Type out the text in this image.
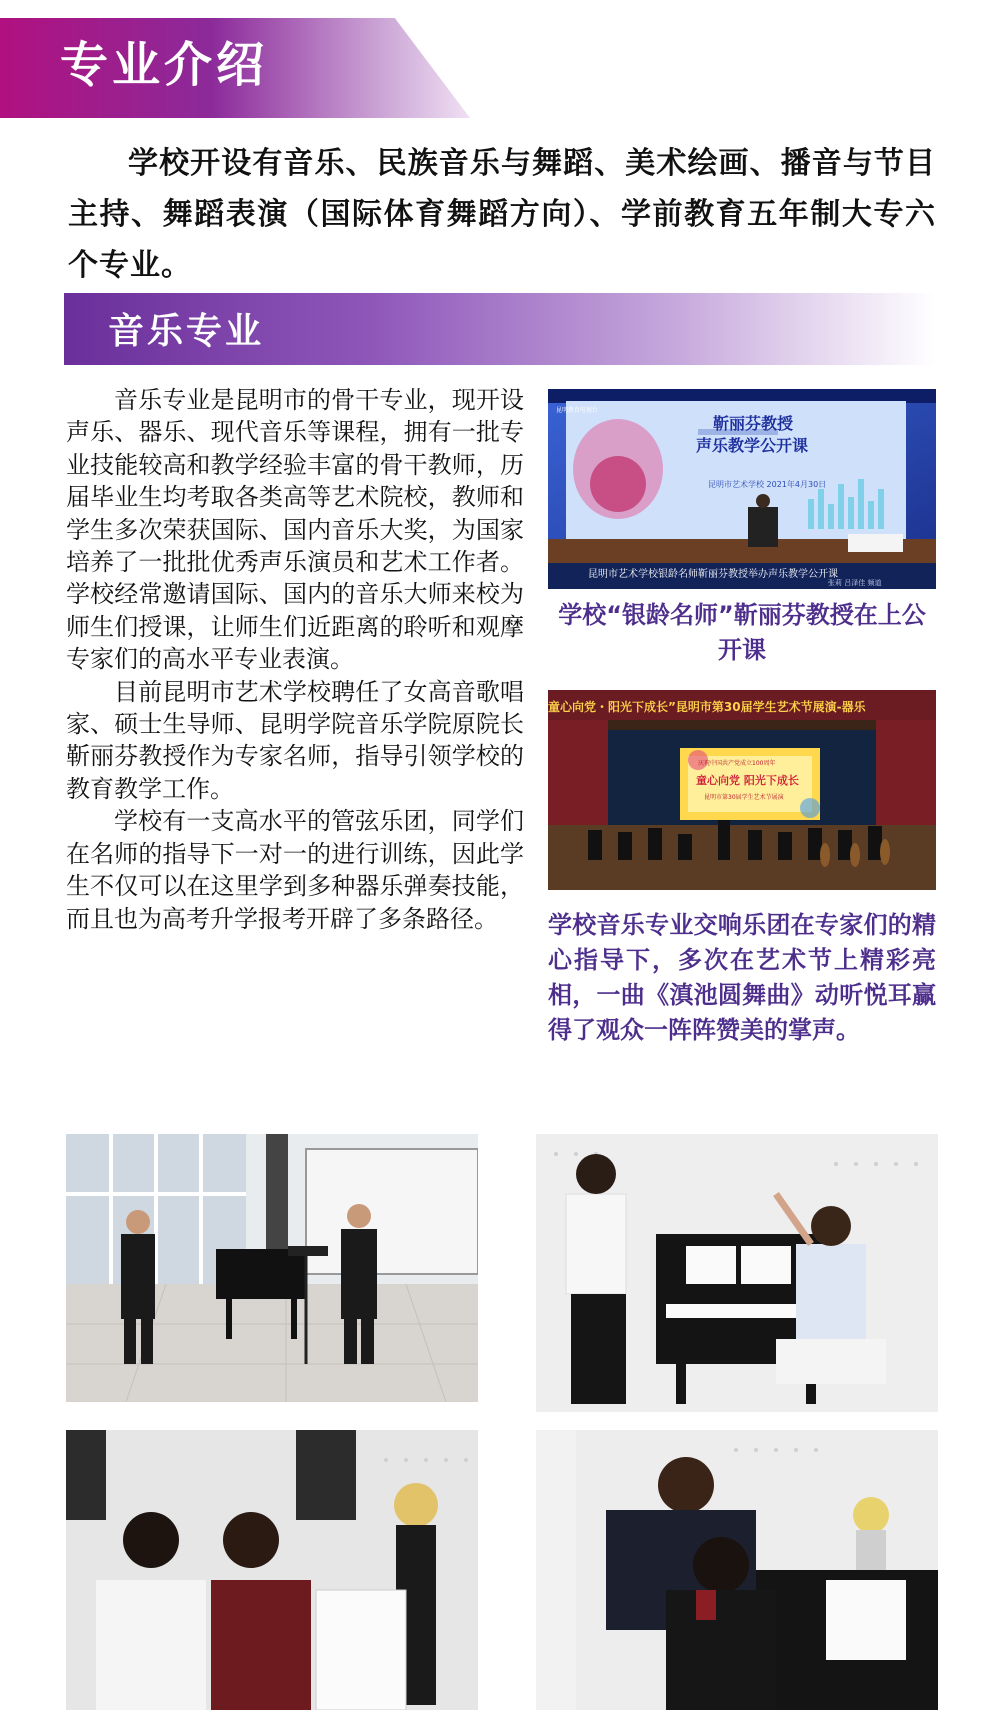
专业介绍
学校开设有音乐、民族音乐与舞蹈、美术绘画、播音与节目主持、舞蹈表演（国际体育舞蹈方向）、学前教育五年制大专六个专业。
音乐专业

音乐专业是昆明市的骨干专业，现开设声乐、器乐、现代音乐等课程，拥有一批专业技能较高和教学经验丰富的骨干教师，历届毕业生均考取各类高等艺术院校，教师和学生多次荣获国际、国内音乐大奖，为国家培养了一批批优秀声乐演员和艺术工作者。学校经常邀请国际、国内的音乐大师来校为师生们授课，让师生们近距离的聆听和观摩专家们的高水平专业表演。

目前昆明市艺术学校聘任了女高音歌唱家、硕士生导师、昆明学院音乐学院原院长靳丽芬教授作为专家名师，指导引领学校的教育教学工作。

学校有一支高水平的管弦乐团，同学们在名师的指导下一对一的进行训练，因此学生不仅可以在这里学到多种器乐弹奏技能，而且也为高考升学报考开辟了多条路径。

靳丽芬教授
声乐教学公开课
昆明市艺术学校 2021年4月30日
昆明教育电视台
昆明市艺术学校银龄名师靳丽芬教授举办声乐教学公开课
张莉 吕泽佳 频道
学校“银龄名师”靳丽芬教授在上公开课
童心向党・阳光下成长”昆明市第30届学生艺术节展演-器乐
庆祝中国共产党成立100周年
童心向党 阳光下成长
昆明市第30届学生艺术节展演
学校音乐专业交响乐团在专家们的精心指导下，多次在艺术节上精彩亮相，一曲《滇池圆舞曲》动听悦耳赢得了观众一阵阵赞美的掌声。
